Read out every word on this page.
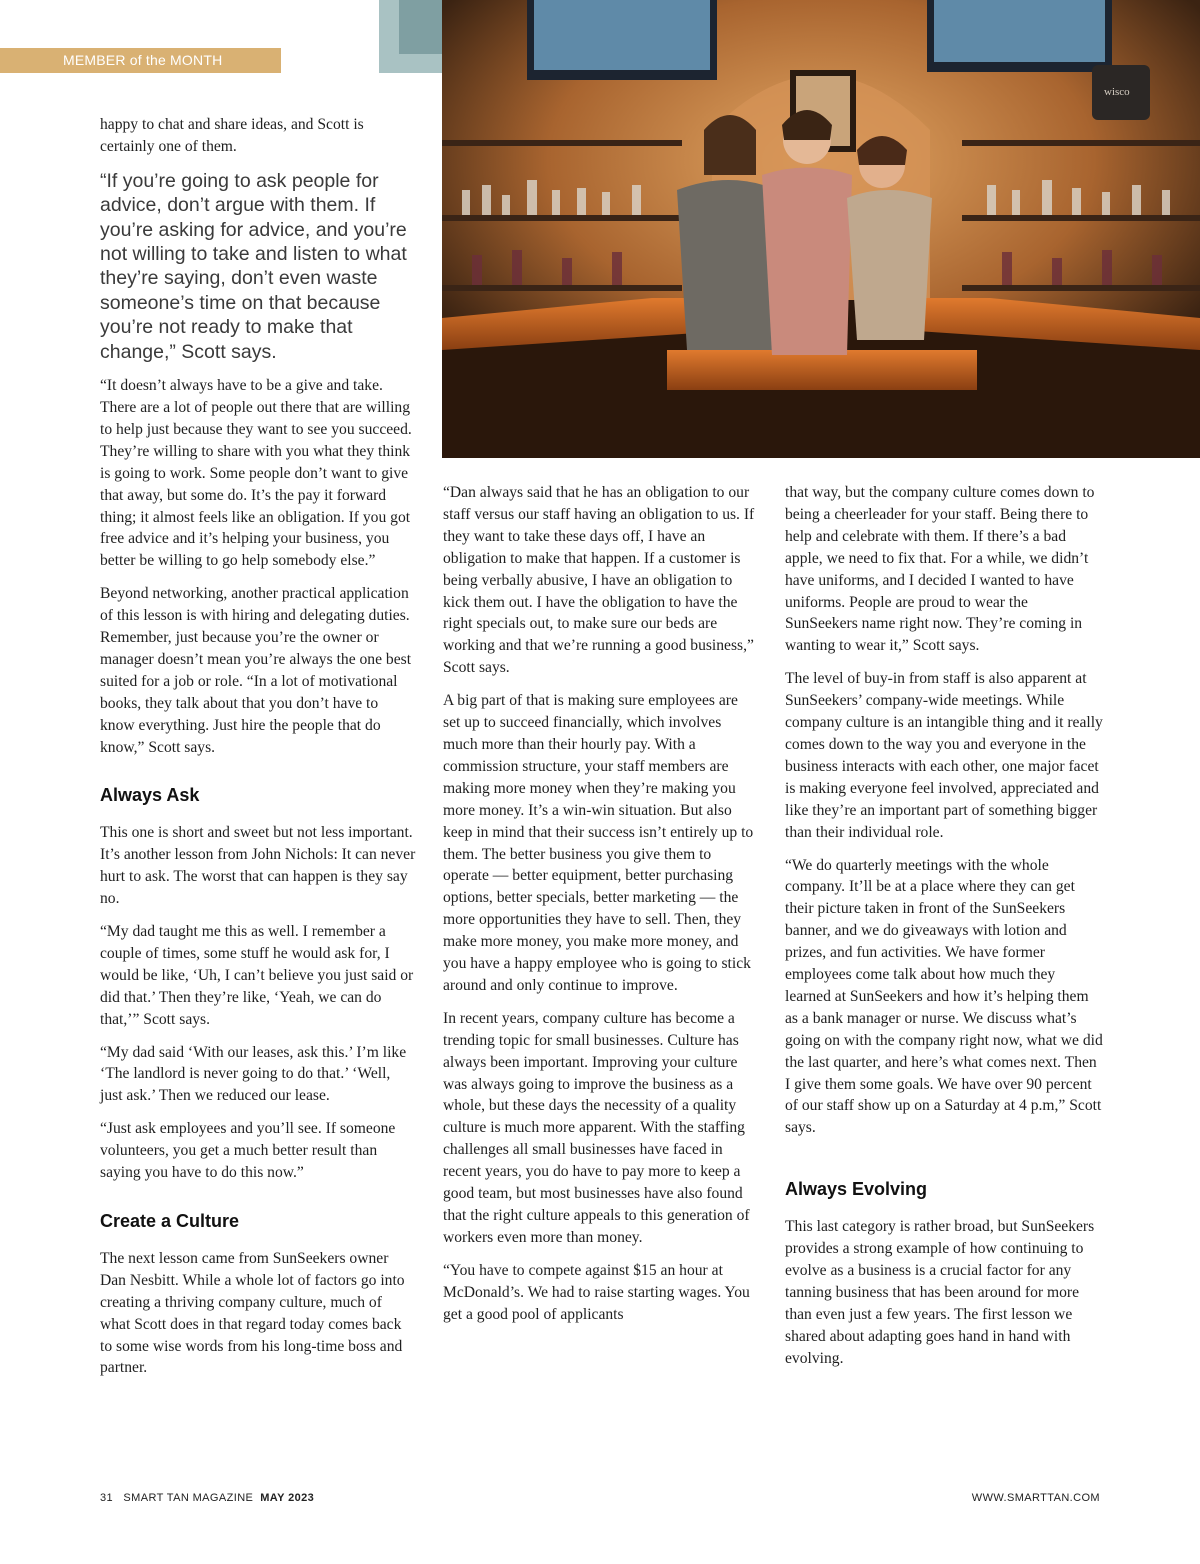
MEMBER of the MONTH
wisco

happy to chat and share ideas, and Scott is certainly one of them.

“If you’re going to ask people for advice, don’t argue with them. If you’re asking for advice, and you’re not willing to take and listen to what they’re saying, don’t even waste someone’s time on that because you’re not ready to make that change,” Scott says.

“It doesn’t always have to be a give and take. There are a lot of people out there that are willing to help just because they want to see you succeed. They’re willing to share with you what they think is going to work. Some people don’t want to give that away, but some do. It’s the pay it forward thing; it almost feels like an obligation. If you got free advice and it’s helping your business, you better be willing to go help somebody else.”

Beyond networking, another practical application of this lesson is with hiring and delegating duties. Remember, just because you’re the owner or manager doesn’t mean you’re always the one best suited for a job or role. “In a lot of motivational books, they talk about that you don’t have to know everything. Just hire the people that do know,” Scott says.

Always Ask

This one is short and sweet but not less important. It’s another lesson from John Nichols: It can never hurt to ask. The worst that can happen is they say no.

“My dad taught me this as well. I remember a couple of times, some stuff he would ask for, I would be like, ‘Uh, I can’t believe you just said or did that.’ Then they’re like, ‘Yeah, we can do that,’” Scott says.

“My dad said ‘With our leases, ask this.’ I’m like ‘The landlord is never going to do that.’ ‘Well, just ask.’ Then we reduced our lease.

“Just ask employees and you’ll see. If someone volunteers, you get a much better result than saying you have to do this now.”

Create a Culture

The next lesson came from SunSeekers owner Dan Nesbitt. While a whole lot of factors go into creating a thriving company culture, much of what Scott does in that regard today comes back to some wise words from his long-time boss and partner.

“Dan always said that he has an obligation to our staff versus our staff having an obligation to us. If they want to take these days off, I have an obligation to make that happen. If a customer is being verbally abusive, I have an obligation to kick them out. I have the obligation to have the right specials out, to make sure our beds are working and that we’re running a good business,” Scott says.

A big part of that is making sure employees are set up to succeed financially, which involves much more than their hourly pay. With a commission structure, your staff members are making more money when they’re making you more money. It’s a win-win situation. But also keep in mind that their success isn’t entirely up to them. The better business you give them to operate — better equipment, better purchasing options, better specials, better marketing — the more opportunities they have to sell. Then, they make more money, you make more money, and you have a happy employee who is going to stick around and only continue to improve.

In recent years, company culture has become a trending topic for small businesses. Culture has always been important. Improving your culture was always going to improve the business as a whole, but these days the necessity of a quality culture is much more apparent. With the staffing challenges all small businesses have faced in recent years, you do have to pay more to keep a good team, but most businesses have also found that the right culture appeals to this generation of workers even more than money.

“You have to compete against $15 an hour at McDonald’s. We had to raise starting wages. You get a good pool of applicants

that way, but the company culture comes down to being a cheerleader for your staff. Being there to help and celebrate with them. If there’s a bad apple, we need to fix that. For a while, we didn’t have uniforms, and I decided I wanted to have uniforms. People are proud to wear the SunSeekers name right now. They’re coming in wanting to wear it,” Scott says.

The level of buy-in from staff is also apparent at SunSeekers’ company-wide meetings. While company culture is an intangible thing and it really comes down to the way you and everyone in the business interacts with each other, one major facet is making everyone feel involved, appreciated and like they’re an important part of something bigger than their individual role.

“We do quarterly meetings with the whole company. It’ll be at a place where they can get their picture taken in front of the SunSeekers banner, and we do giveaways with lotion and prizes, and fun activities. We have former employees come talk about how much they learned at SunSeekers and how it’s helping them as a bank manager or nurse. We discuss what’s going on with the company right now, what we did the last quarter, and here’s what comes next. Then I give them some goals. We have over 90 percent of our staff show up on a Saturday at 4 p.m,” Scott says.

Always Evolving

This last category is rather broad, but SunSeekers provides a strong example of how continuing to evolve as a business is a crucial factor for any tanning business that has been around for more than even just a few years. The first lesson we shared about adapting goes hand in hand with evolving.

31 SMART TAN MAGAZINE MAY 2023	WWW.SMARTTAN.COM
